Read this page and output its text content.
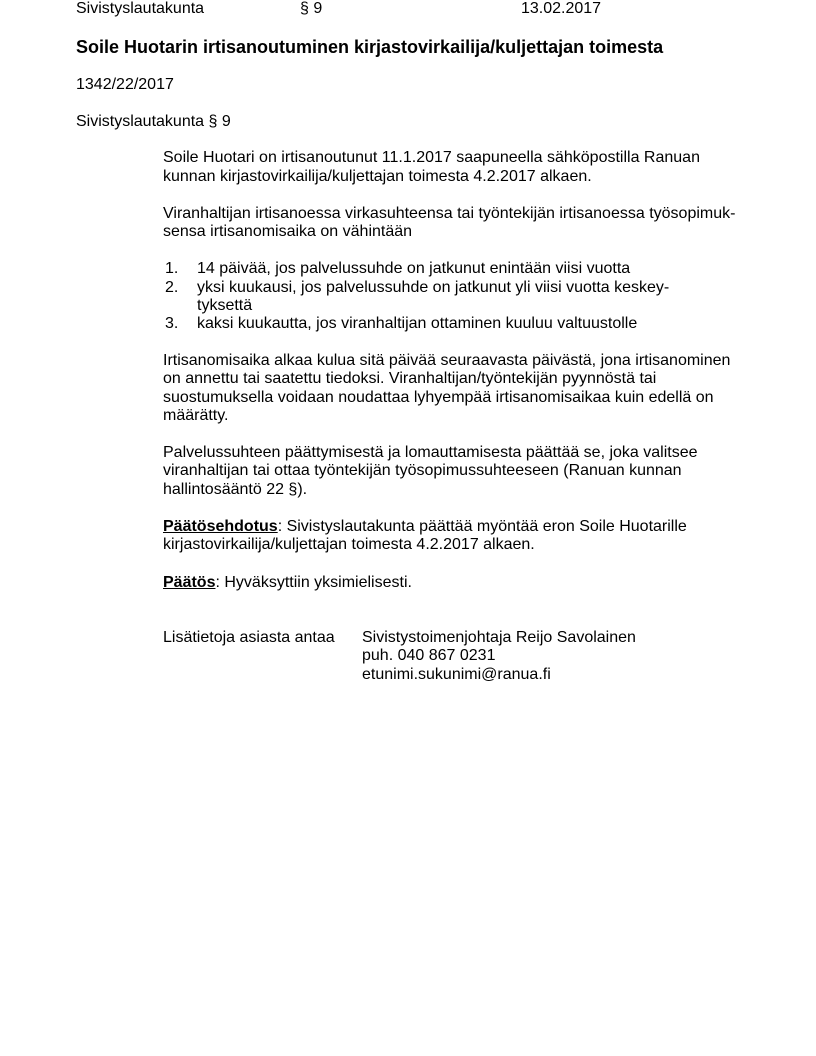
Sivistyslautakunta	§ 9	13.02.2017
Soile Huotarin irtisanoutuminen kirjastovirkailija/kuljettajan toimesta
1342/22/2017
Sivistyslautakunta § 9
Soile Huotari on irtisanoutunut 11.1.2017 saapuneella sähköpostilla Ranuan
kunnan kirjastovirkailija/kuljettajan toimesta 4.2.2017 alkaen.
Viranhaltijan irtisanoessa virkasuhteensa tai työntekijän irtisanoessa työsopimuk-
sensa irtisanomisaika on vähintään
1. 14 päivää, jos palvelussuhde on jatkunut enintään viisi vuotta
2. yksi kuukausi, jos palvelussuhde on jatkunut yli viisi vuotta keskey-
tyksettä
3. kaksi kuukautta, jos viranhaltijan ottaminen kuuluu valtuustolle
Irtisanomisaika alkaa kulua sitä päivää seuraavasta päivästä, jona irtisanominen
on annettu tai saatettu tiedoksi. Viranhaltijan/työntekijän pyynnöstä tai
suostumuksella voidaan noudattaa lyhyempää irtisanomisaikaa kuin edellä on
määrätty.
Palvelussuhteen päättymisestä ja lomauttamisesta päättää se, joka valitsee
viranhaltijan tai ottaa työntekijän työsopimussuhteeseen (Ranuan kunnan
hallintosääntö 22 §).
Päätösehdotus: Sivistyslautakunta päättää myöntää eron Soile Huotarille
kirjastovirkailija/kuljettajan toimesta 4.2.2017 alkaen.
Päätös: Hyväksyttiin yksimielisesti.
Lisätietoja asiasta antaa Sivistystoimenjohtaja Reijo Savolainen
puh. 040 867 0231
etunimi.sukunimi@ranua.fi
